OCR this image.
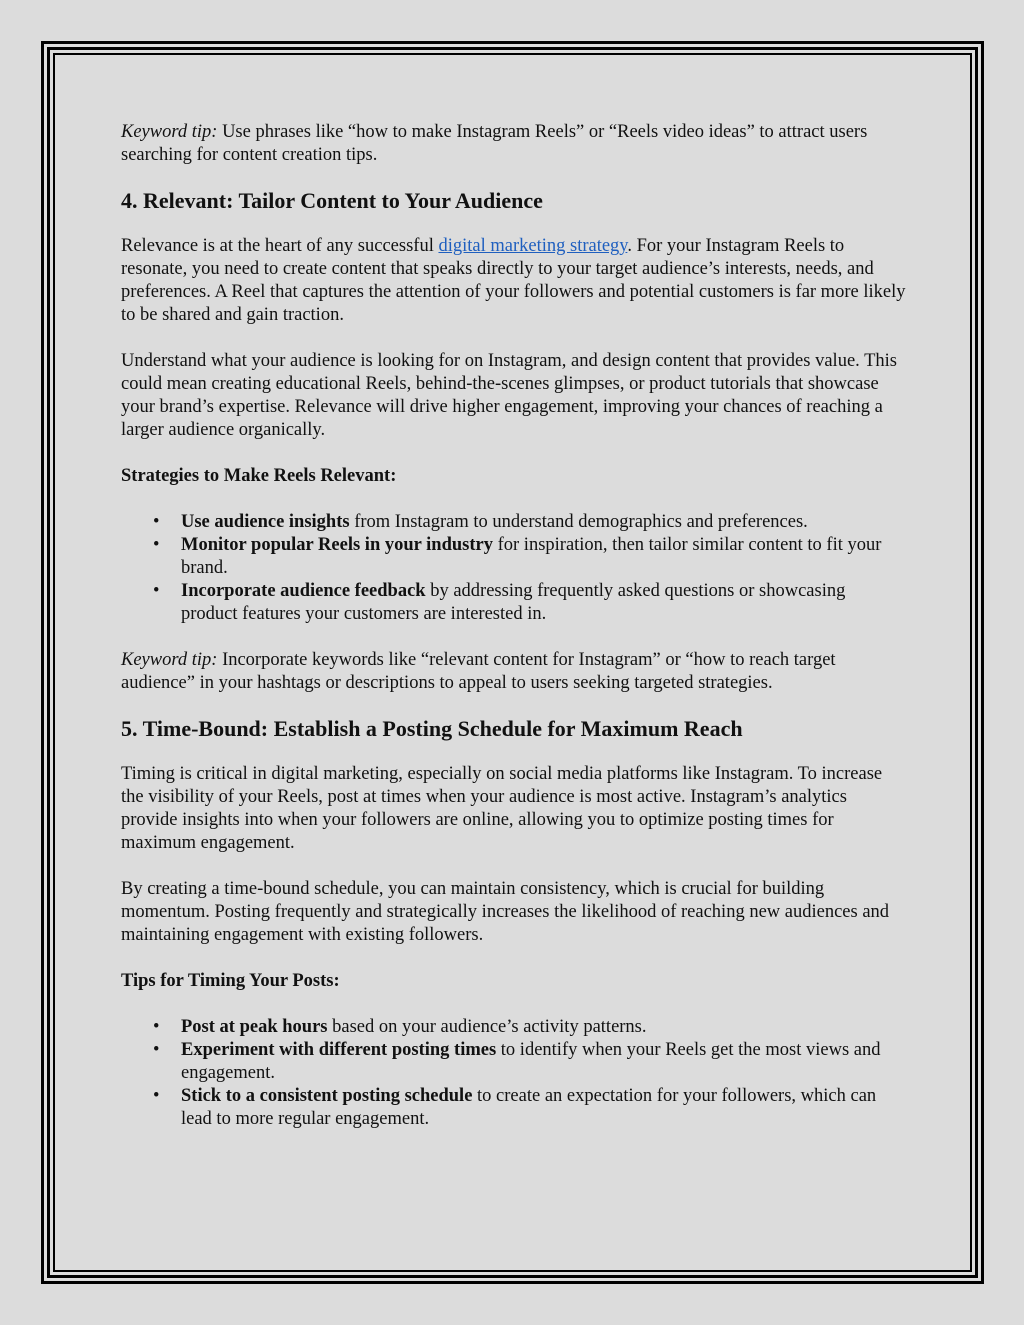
Keyword tip: Use phrases like “how to make Instagram Reels” or “Reels video ideas” to attract users searching for content creation tips.

4. Relevant: Tailor Content to Your Audience

Relevance is at the heart of any successful digital marketing strategy. For your Instagram Reels to resonate, you need to create content that speaks directly to your target audience’s interests, needs, and preferences. A Reel that captures the attention of your followers and potential customers is far more likely to be shared and gain traction.

Understand what your audience is looking for on Instagram, and design content that provides value. This could mean creating educational Reels, behind-the-scenes glimpses, or product tutorials that showcase your brand’s expertise. Relevance will drive higher engagement, improving your chances of reaching a larger audience organically.

Strategies to Make Reels Relevant:

• Use audience insights from Instagram to understand demographics and preferences.
• Monitor popular Reels in your industry for inspiration, then tailor similar content to fit your brand.
• Incorporate audience feedback by addressing frequently asked questions or showcasing product features your customers are interested in.

Keyword tip: Incorporate keywords like “relevant content for Instagram” or “how to reach target audience” in your hashtags or descriptions to appeal to users seeking targeted strategies.

5. Time-Bound: Establish a Posting Schedule for Maximum Reach

Timing is critical in digital marketing, especially on social media platforms like Instagram. To increase the visibility of your Reels, post at times when your audience is most active. Instagram’s analytics provide insights into when your followers are online, allowing you to optimize posting times for maximum engagement.

By creating a time-bound schedule, you can maintain consistency, which is crucial for building momentum. Posting frequently and strategically increases the likelihood of reaching new audiences and maintaining engagement with existing followers.

Tips for Timing Your Posts:

• Post at peak hours based on your audience’s activity patterns.
• Experiment with different posting times to identify when your Reels get the most views and engagement.
• Stick to a consistent posting schedule to create an expectation for your followers, which can lead to more regular engagement.
